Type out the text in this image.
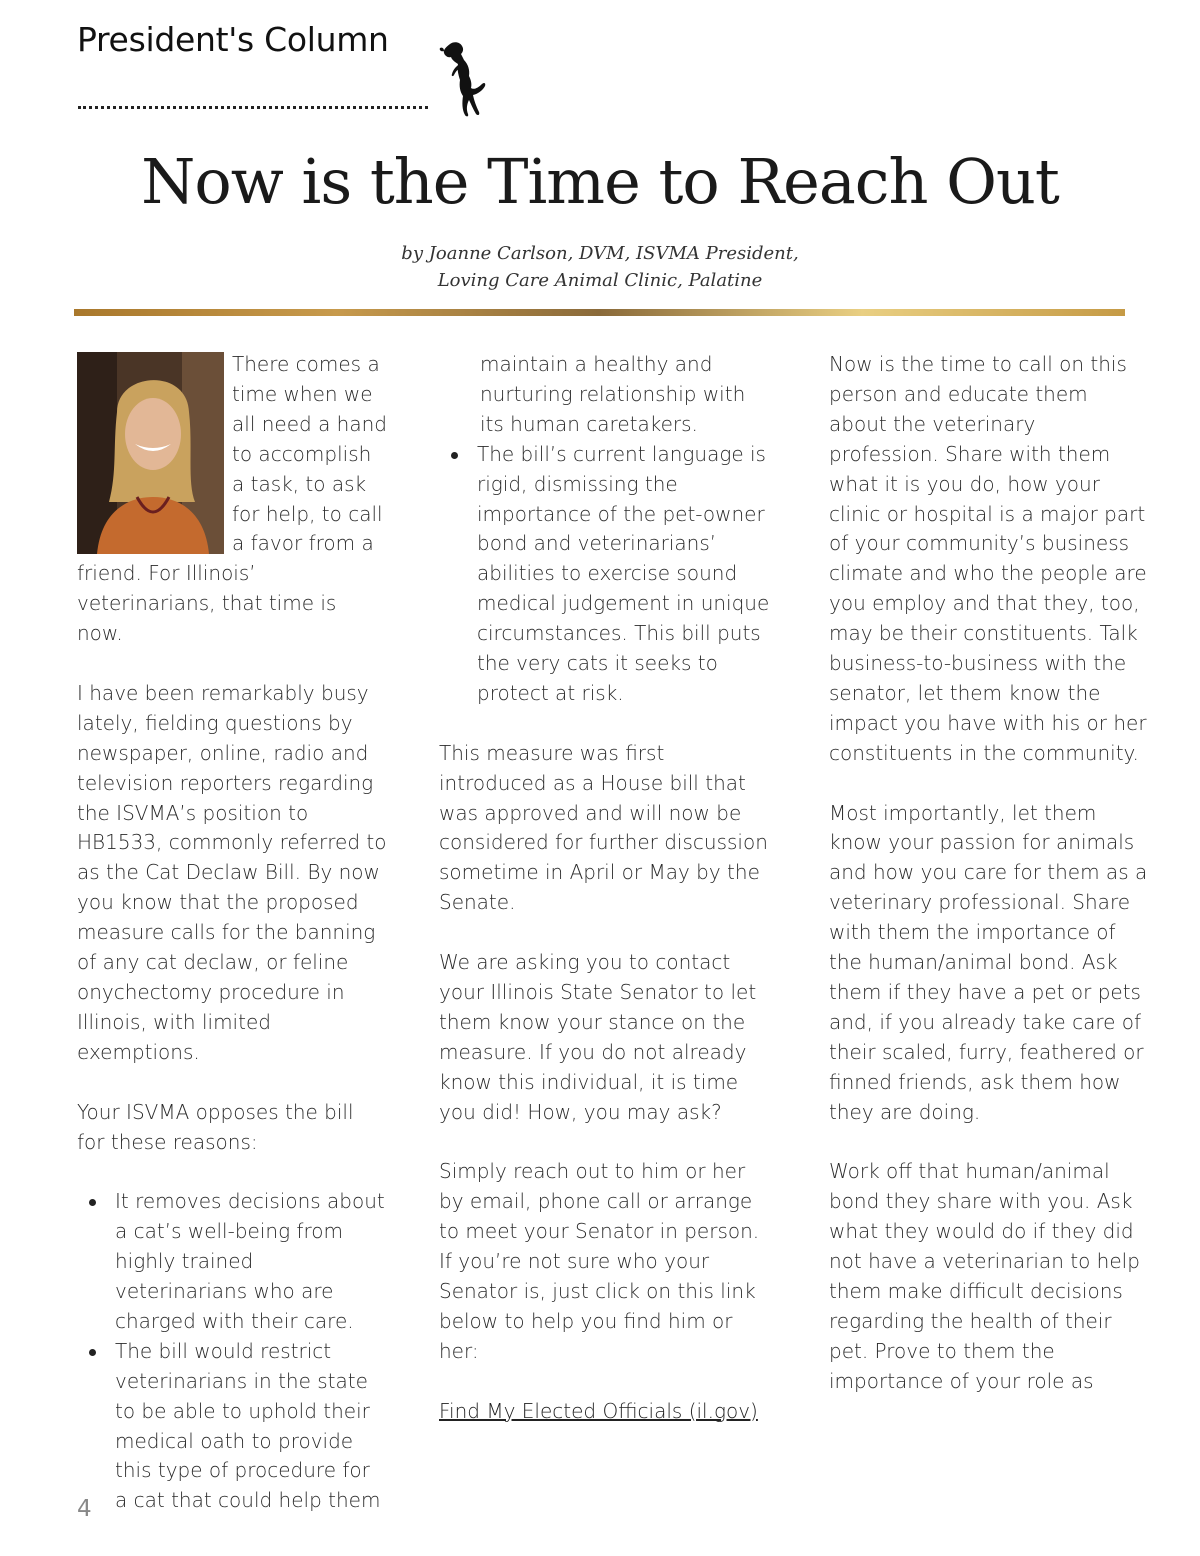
President's Column
Now is the Time to Reach Out
by Joanne Carlson, DVM, ISVMA President,
Loving Care Animal Clinic, Palatine

There comes a time when we all need a hand to accomplish a task, to ask for help, to call a favor from a friend. For Illinois’ veterinarians, that time is now.

I have been remarkably busy lately, fielding questions by newspaper, online, radio and television reporters regarding the ISVMA’s position to HB1533, commonly referred to as the Cat Declaw Bill. By now you know that the proposed measure calls for the banning of any cat declaw, or feline onychectomy procedure in Illinois, with limited exemptions.

Your ISVMA opposes the bill for these reasons:

It removes decisions about a cat’s well-being from highly trained veterinarians who are charged with their care.
The bill would restrict veterinarians in the state to be able to uphold their medical oath to provide this type of procedure for a cat that could help them

maintain a healthy and nurturing relationship with its human caretakers.

The bill’s current language is rigid, dismissing the importance of the pet-owner bond and veterinarians’ abilities to exercise sound medical judgement in unique circumstances. This bill puts the very cats it seeks to protect at risk.

This measure was first introduced as a House bill that was approved and will now be considered for further discussion sometime in April or May by the Senate.

We are asking you to contact your Illinois State Senator to let them know your stance on the measure. If you do not already know this individual, it is time you did! How, you may ask?

Simply reach out to him or her by email, phone call or arrange to meet your Senator in person. If you’re not sure who your Senator is, just click on this link below to help you find him or her:

Find My Elected Officials (il.gov)

Now is the time to call on this person and educate them about the veterinary profession. Share with them what it is you do, how your clinic or hospital is a major part of your community’s business climate and who the people are you employ and that they, too, may be their constituents. Talk business-to-business with the senator, let them know the impact you have with his or her constituents in the community.

Most importantly, let them know your passion for animals and how you care for them as a veterinary professional. Share with them the importance of the human/animal bond. Ask them if they have a pet or pets and, if you already take care of their scaled, furry, feathered or finned friends, ask them how they are doing.

Work off that human/animal bond they share with you. Ask what they would do if they did not have a veterinarian to help them make difficult decisions regarding the health of their pet. Prove to them the importance of your role as

4
